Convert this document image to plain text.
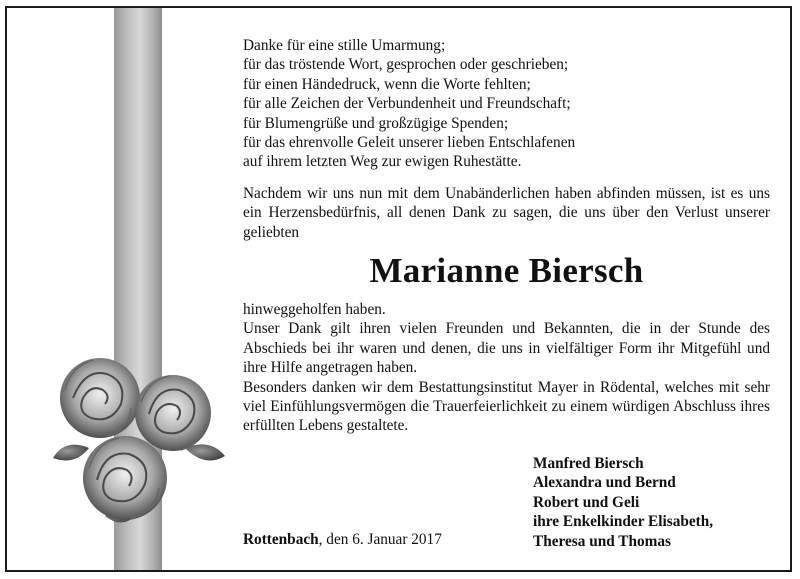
Danke für eine stille Umarmung;
für das tröstende Wort, gesprochen oder geschrieben;
für einen Händedruck, wenn die Worte fehlten;
für alle Zeichen der Verbundenheit und Freundschaft;
für Blumengrüße und großzügige Spenden;
für das ehrenvolle Geleit unserer lieben Entschlafenen
auf ihrem letzten Weg zur ewigen Ruhestätte.
Nachdem wir uns nun mit dem Unabänderlichen haben abfinden müssen, ist es uns ein Herzensbedürfnis, all denen Dank zu sagen, die uns über den Verlust unserer geliebten
Marianne Biersch
hinweggeholfen haben.
Unser Dank gilt ihren vielen Freunden und Bekannten, die in der Stunde des Abschieds bei ihr waren und denen, die uns in vielfältiger Form ihr Mitgefühl und ihre Hilfe angetragen haben.
Besonders danken wir dem Bestattungsinstitut Mayer in Rödental, welches mit sehr viel Einfühlungsvermögen die Trauerfeierlichkeit zu einem würdigen Abschluss ihres erfüllten Lebens gestaltete.
Manfred Biersch
Alexandra und Bernd
Robert und Geli
ihre Enkelkinder Elisabeth,
Theresa und Thomas
Rottenbach, den 6. Januar 2017
